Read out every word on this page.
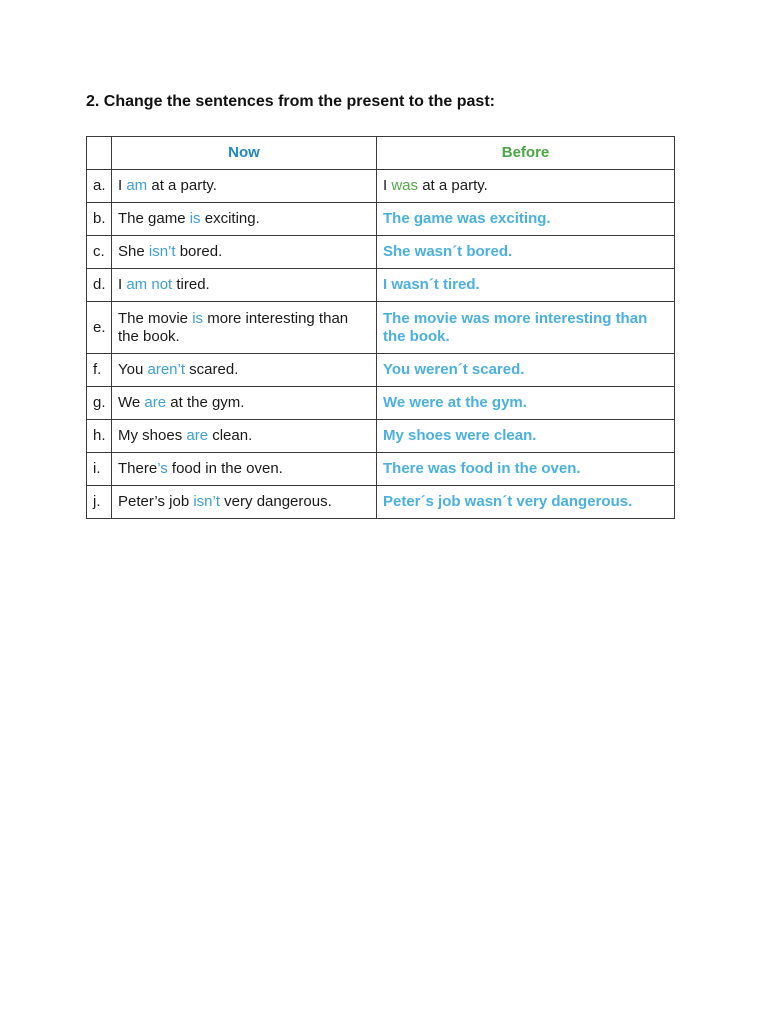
2. Change the sentences from the present to the past:
	Now	Before
a.	I am at a party.	I was at a party.
b.	The game is exciting.	The game was exciting.
c.	She isn’t bored.	She wasn´t bored.
d.	I am not tired.	I wasn´t tired.
e.	The movie is more interesting than the book.	The movie was more interesting than the book.
f.	You aren’t scared.	You weren´t scared.
g.	We are at the gym.	We were at the gym.
h.	My shoes are clean.	My shoes were clean.
i.	There’s food in the oven.	There was food in the oven.
j.	Peter’s job isn’t very dangerous.	Peter´s job wasn´t very dangerous.
